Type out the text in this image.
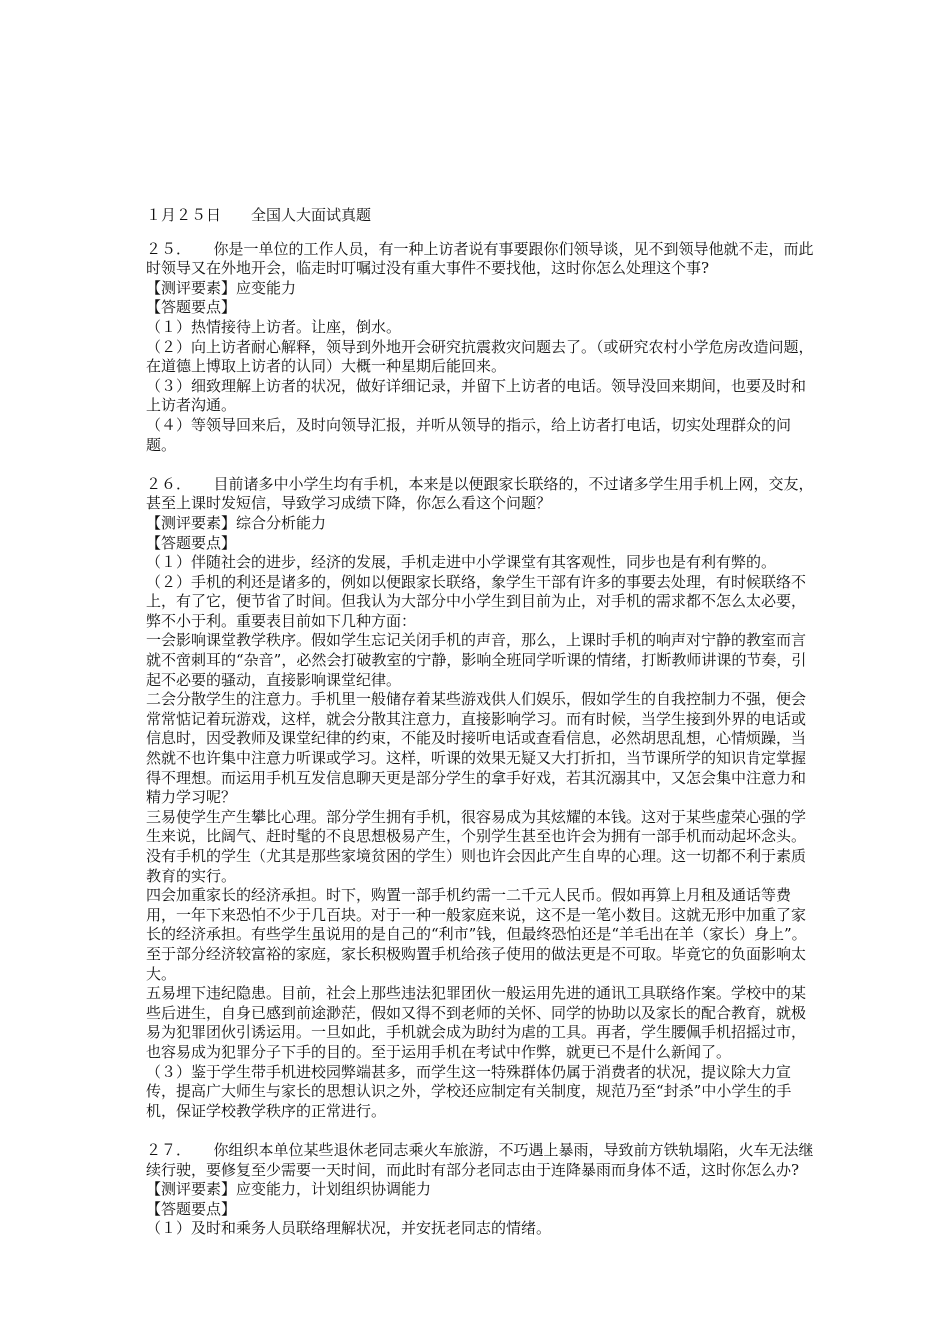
１月２５日 全国人大面试真题

２５．   你是一单位的工作人员，有一种上访者说有事要跟你们领导谈，见不到领导他就不走，而此时领导又在外地开会，临走时叮嘱过没有重大事件不要找他，这时你怎么处理这个事?

【测评要素】应变能力

【答题要点】

（１）热情接待上访者。让座，倒水。

（２）向上访者耐心解释，领导到外地开会研究抗震救灾问题去了。（或研究农村小学危房改造问题，在道德上博取上访者的认同）大概一种星期后能回来。

（３）细致理解上访者的状况，做好详细记录，并留下上访者的电话。领导没回来期间，也要及时和上访者沟通。

（４）等领导回来后，及时向领导汇报，并听从领导的指示，给上访者打电话，切实处理群众的问题。

２６．   目前诸多中小学生均有手机，本来是以便跟家长联络的，不过诸多学生用手机上网，交友，甚至上课时发短信，导致学习成绩下降，你怎么看这个问题？

【测评要素】综合分析能力

【答题要点】

（１）伴随社会的进步，经济的发展，手机走进中小学课堂有其客观性，同步也是有利有弊的。

（２）手机的利还是诸多的，例如以便跟家长联络，象学生干部有许多的事要去处理，有时候联络不上，有了它，便节省了时间。但我认为大部分中小学生到目前为止，对手机的需求都不怎么太必要，弊不小于利。重要表目前如下几种方面：

一会影响课堂教学秩序。假如学生忘记关闭手机的声音，那么，上课时手机的响声对宁静的教室而言就不啻刺耳的“杂音”，必然会打破教室的宁静，影响全班同学听课的情绪，打断教师讲课的节奏，引起不必要的骚动，直接影响课堂纪律。

二会分散学生的注意力。手机里一般储存着某些游戏供人们娱乐，假如学生的自我控制力不强，便会常常惦记着玩游戏，这样，就会分散其注意力，直接影响学习。而有时候，当学生接到外界的电话或信息时，因受教师及课堂纪律的约束，不能及时接听电话或查看信息，必然胡思乱想，心情烦躁，当然就不也许集中注意力听课或学习。这样，听课的效果无疑又大打折扣，当节课所学的知识肯定掌握得不理想。而运用手机互发信息聊天更是部分学生的拿手好戏，若其沉溺其中，又怎会集中注意力和精力学习呢？

三易使学生产生攀比心理。部分学生拥有手机，很容易成为其炫耀的本钱。这对于某些虚荣心强的学生来说，比阔气、赶时髦的不良思想极易产生，个别学生甚至也许会为拥有一部手机而动起坏念头。没有手机的学生（尤其是那些家境贫困的学生）则也许会因此产生自卑的心理。这一切都不利于素质教育的实行。

四会加重家长的经济承担。时下，购置一部手机约需一二千元人民币。假如再算上月租及通话等费用，一年下来恐怕不少于几百块。对于一种一般家庭来说，这不是一笔小数目。这就无形中加重了家长的经济承担。有些学生虽说用的是自己的“利市”钱，但最终恐怕还是“羊毛出在羊（家长）身上”。至于部分经济较富裕的家庭，家长积极购置手机给孩子使用的做法更是不可取。毕竟它的负面影响太大。

五易埋下违纪隐患。目前，社会上那些违法犯罪团伙一般运用先进的通讯工具联络作案。学校中的某些后进生，自身已感到前途渺茫，假如又得不到老师的关怀、同学的协助以及家长的配合教育，就极易为犯罪团伙引诱运用。一旦如此，手机就会成为助纣为虐的工具。再者，学生腰佩手机招摇过市，也容易成为犯罪分子下手的目的。至于运用手机在考试中作弊，就更已不是什么新闻了。

（３）鉴于学生带手机进校园弊端甚多，而学生这一特殊群体仍属于消费者的状况，提议除大力宣传，提高广大师生与家长的思想认识之外，学校还应制定有关制度，规范乃至“封杀”中小学生的手机，保证学校教学秩序的正常进行。

２７．   你组织本单位某些退休老同志乘火车旅游，不巧遇上暴雨，导致前方铁轨塌陷，火车无法继续行驶，要修复至少需要一天时间，而此时有部分老同志由于连降暴雨而身体不适，这时你怎么办?

【测评要素】应变能力，计划组织协调能力

【答题要点】

（１）及时和乘务人员联络理解状况，并安抚老同志的情绪。
